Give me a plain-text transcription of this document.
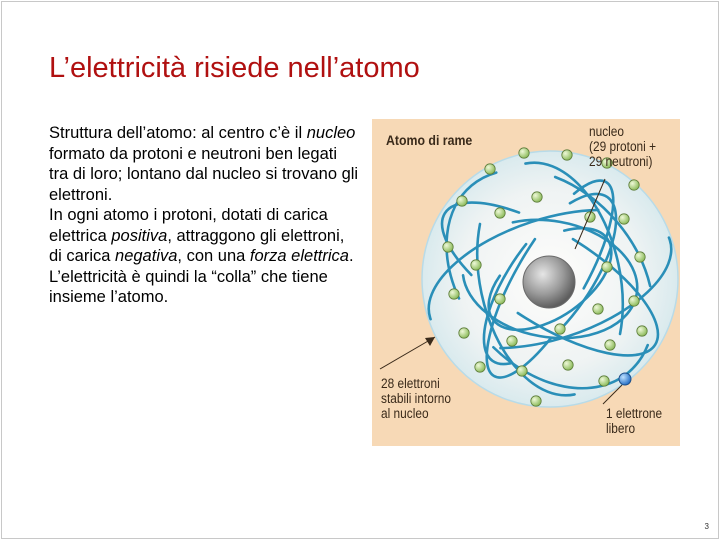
L’elettricità risiede nell’atomo

Struttura dell’atomo: al centro c’è il nucleo formato da protoni e neutroni ben legati tra di loro; lontano dal nucleo si trovano gli elettroni.

In ogni atomo i protoni, dotati di carica elettrica positiva, attraggono gli elettroni, di carica negativa, con una forza elettrica. L’elettricità è quindi la “colla” che tiene insieme l’atomo.

Atomo di rame
nucleo
(29 protoni +
29 neutroni)
28 elettroni
stabili intorno
al nucleo	1 elettrone
libero
3
